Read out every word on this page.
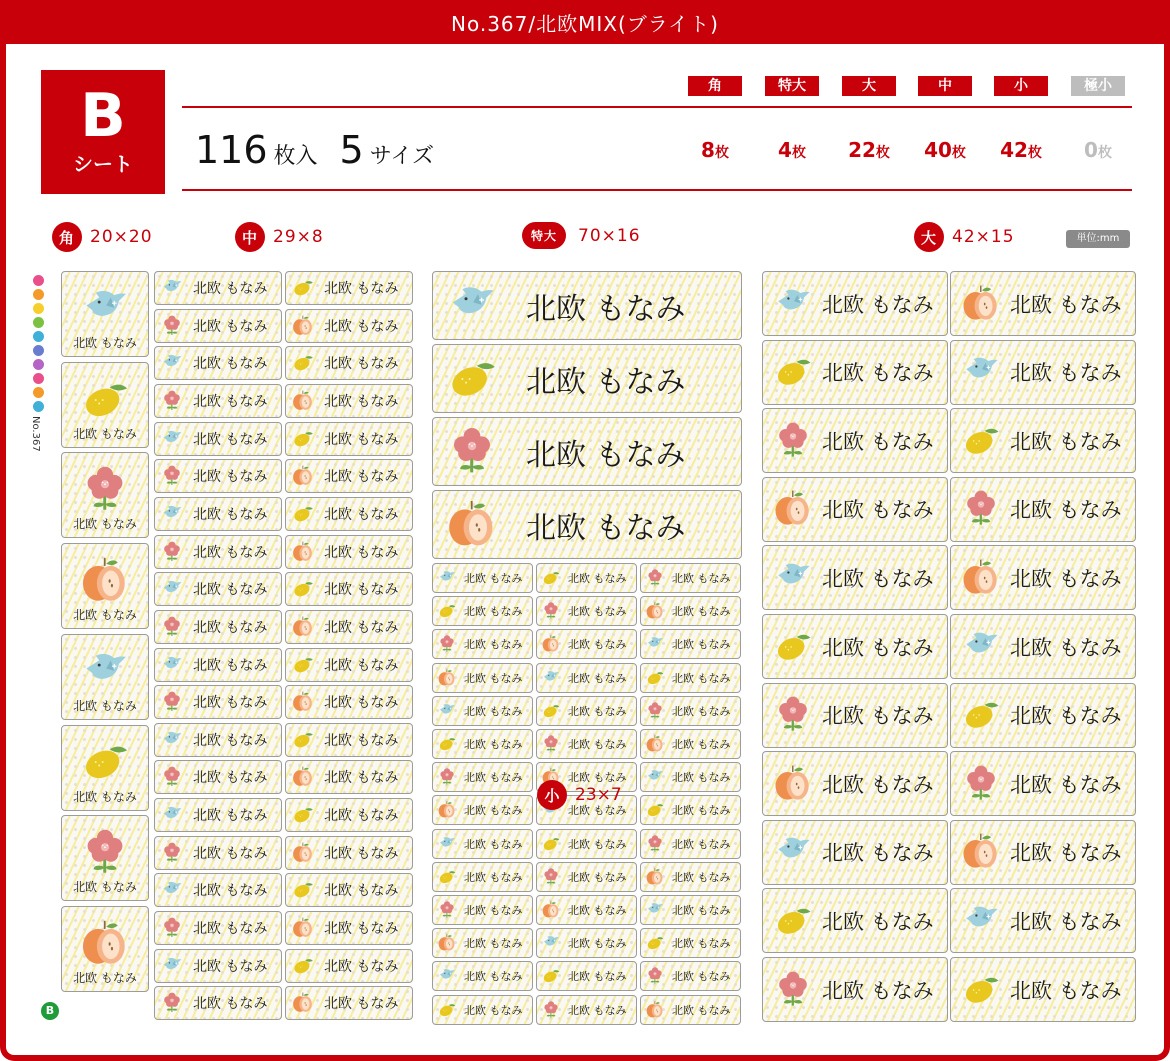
No.367/北欧MIX(ブライト)
B
シート	116 枚入 5 サイズ
角
8枚
特大
4枚
大
22枚
中
40枚
小
42枚
極小
0枚
角 20×20	中 29×8	特大	70×16	大 42×15	単位:mm
No.367
B
北欧 もなみ
北欧 もなみ
北欧 もなみ
北欧 もなみ
北欧 もなみ
北欧 もなみ
北欧 もなみ
北欧 もなみ
北欧 もなみ	北欧 もなみ
北欧 もなみ	北欧 もなみ
北欧 もなみ	北欧 もなみ
北欧 もなみ	北欧 もなみ
北欧 もなみ	北欧 もなみ
北欧 もなみ	北欧 もなみ
北欧 もなみ	北欧 もなみ
北欧 もなみ	北欧 もなみ
北欧 もなみ	北欧 もなみ
北欧 もなみ	北欧 もなみ
北欧 もなみ	北欧 もなみ
北欧 もなみ	北欧 もなみ
北欧 もなみ	北欧 もなみ
北欧 もなみ	北欧 もなみ
北欧 もなみ	北欧 もなみ
北欧 もなみ	北欧 もなみ
北欧 もなみ	北欧 もなみ
北欧 もなみ	北欧 もなみ
北欧 もなみ	北欧 もなみ
北欧 もなみ	北欧 もなみ
北欧 もなみ
北欧 もなみ
北欧 もなみ
北欧 もなみ
北欧 もなみ	北欧 もなみ	北欧 もなみ
北欧 もなみ	北欧 もなみ	北欧 もなみ
北欧 もなみ	北欧 もなみ	北欧 もなみ
北欧 もなみ	北欧 もなみ	北欧 もなみ
北欧 もなみ	北欧 もなみ	北欧 もなみ
北欧 もなみ	北欧 もなみ	北欧 もなみ
北欧 もなみ	北欧 もなみ	北欧 もなみ
北欧 もなみ	北欧 もなみ	北欧 もなみ
北欧 もなみ	北欧 もなみ	北欧 もなみ
北欧 もなみ	北欧 もなみ	北欧 もなみ
北欧 もなみ	北欧 もなみ	北欧 もなみ
北欧 もなみ	北欧 もなみ	北欧 もなみ
北欧 もなみ	北欧 もなみ	北欧 もなみ
北欧 もなみ	北欧 もなみ	北欧 もなみ
北欧 もなみ	北欧 もなみ
北欧 もなみ	北欧 もなみ
北欧 もなみ	北欧 もなみ
北欧 もなみ	北欧 もなみ
北欧 もなみ	北欧 もなみ
北欧 もなみ	北欧 もなみ
北欧 もなみ	北欧 もなみ
北欧 もなみ	北欧 もなみ
北欧 もなみ	北欧 もなみ
北欧 もなみ	北欧 もなみ
北欧 もなみ	北欧 もなみ
小 23×7
